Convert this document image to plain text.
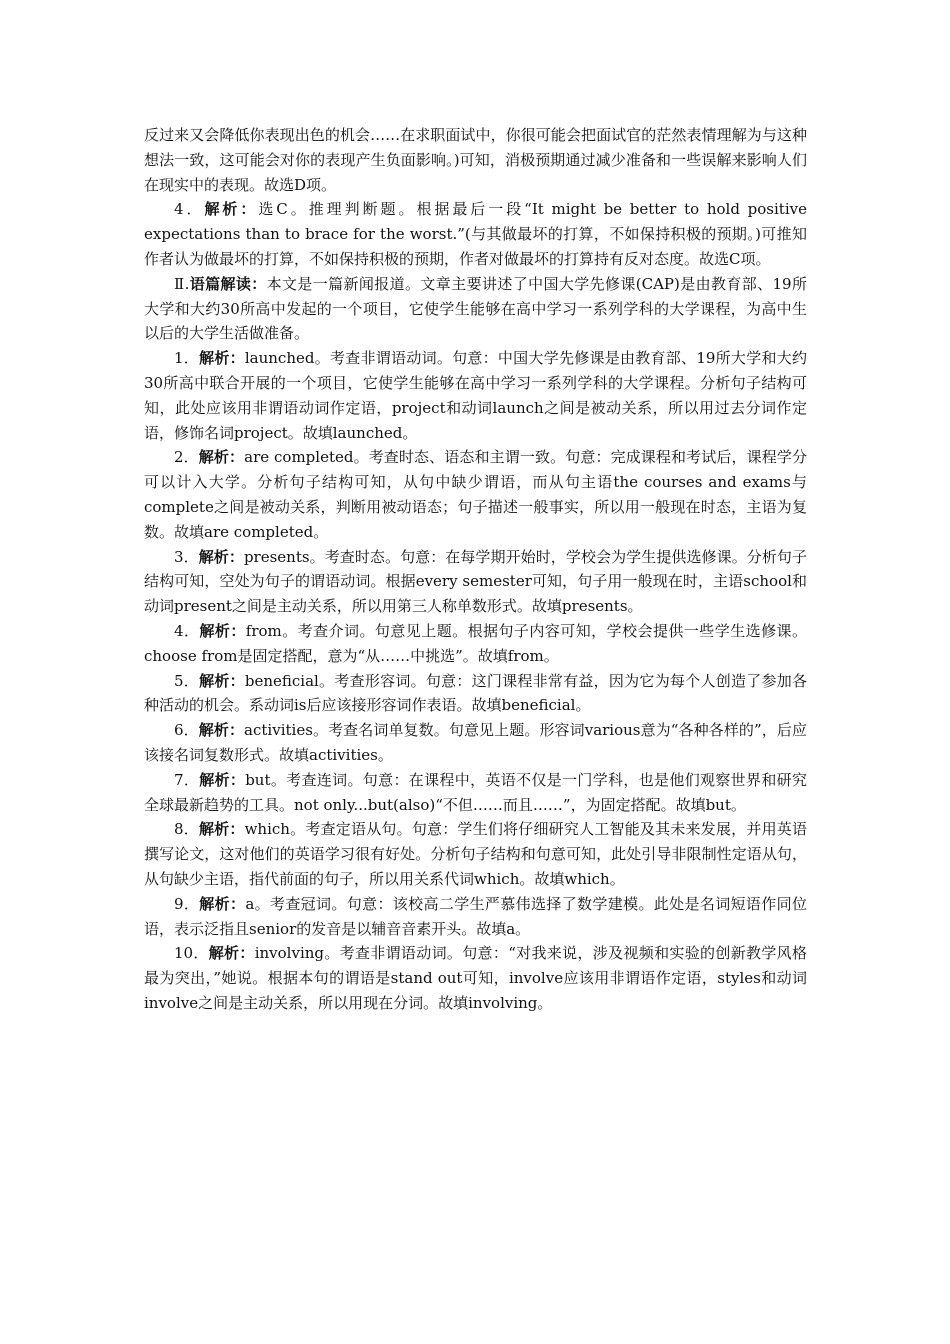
反过来又会降低你表现出色的机会……在求职面试中，你很可能会把面试官的茫然表情理解为与这种想法一致，这可能会对你的表现产生负面影响。)可知，消极预期通过减少准备和一些误解来影响人们在现实中的表现。故选D项。

4．解析：选C。推理判断题。根据最后一段“It might be better to hold positive expectations than to brace for the worst.”(与其做最坏的打算，不如保持积极的预期。)可推知作者认为做最坏的打算，不如保持积极的预期，作者对做最坏的打算持有反对态度。故选C项。

Ⅱ.语篇解读：本文是一篇新闻报道。文章主要讲述了中国大学先修课(CAP)是由教育部、19所大学和大约30所高中发起的一个项目，它使学生能够在高中学习一系列学科的大学课程，为高中生以后的大学生活做准备。

1．解析：launched。考查非谓语动词。句意：中国大学先修课是由教育部、19所大学和大约30所高中联合开展的一个项目，它使学生能够在高中学习一系列学科的大学课程。分析句子结构可知，此处应该用非谓语动词作定语，project和动词launch之间是被动关系，所以用过去分词作定语，修饰名词project。故填launched。

2．解析：are completed。考查时态、语态和主谓一致。句意：完成课程和考试后，课程学分可以计入大学。分析句子结构可知，从句中缺少谓语，而从句主语the courses and exams与complete之间是被动关系，判断用被动语态；句子描述一般事实，所以用一般现在时态，主语为复数。故填are completed。

3．解析：presents。考查时态。句意：在每学期开始时，学校会为学生提供选修课。分析句子结构可知，空处为句子的谓语动词。根据every semester可知，句子用一般现在时，主语school和动词present之间是主动关系，所以用第三人称单数形式。故填presents。

4．解析：from。考查介词。句意见上题。根据句子内容可知，学校会提供一些学生选修课。choose from是固定搭配，意为“从……中挑选”。故填from。

5．解析：beneficial。考查形容词。句意：这门课程非常有益，因为它为每个人创造了参加各种活动的机会。系动词is后应该接形容词作表语。故填beneficial。

6．解析：activities。考查名词单复数。句意见上题。形容词various意为“各种各样的”，后应该接名词复数形式。故填activities。

7．解析：but。考查连词。句意：在课程中，英语不仅是一门学科，也是他们观察世界和研究全球最新趋势的工具。not only...but(also)“不但……而且……”，为固定搭配。故填but。

8．解析：which。考查定语从句。句意：学生们将仔细研究人工智能及其未来发展，并用英语撰写论文，这对他们的英语学习很有好处。分析句子结构和句意可知，此处引导非限制性定语从句，从句缺少主语，指代前面的句子，所以用关系代词which。故填which。

9．解析：a。考查冠词。句意：该校高二学生严慕伟选择了数学建模。此处是名词短语作同位语，表示泛指且senior的发音是以辅音音素开头。故填a。

10．解析：involving。考查非谓语动词。句意：“对我来说，涉及视频和实验的创新教学风格最为突出，”她说。根据本句的谓语是stand out可知，involve应该用非谓语作定语，styles和动词involve之间是主动关系，所以用现在分词。故填involving。
